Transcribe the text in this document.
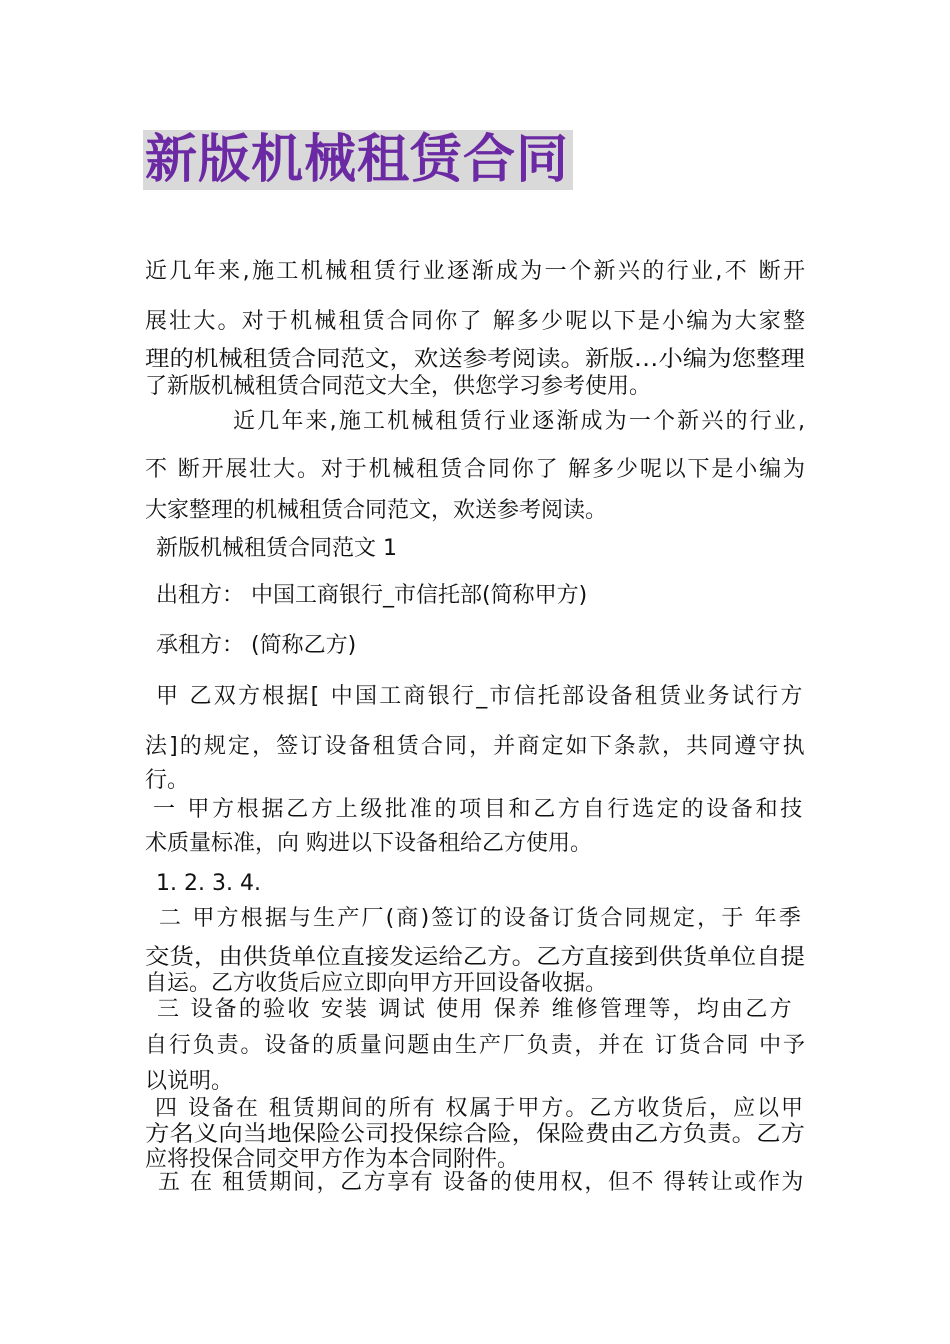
新版机械租赁合同
近几年来,施工机械租赁行业逐渐成为一个新兴的行业,不 断开
展壮大。对于机械租赁合同你了 解多少呢以下是小编为大家整
理的机械租赁合同范文，欢送参考阅读。新版…小编为您整理
了新版机械租赁合同范文大全，供您学习参考使用。
近几年来,施工机械租赁行业逐渐成为一个新兴的行业,
不 断开展壮大。对于机械租赁合同你了 解多少呢以下是小编为
大家整理的机械租赁合同范文，欢送参考阅读。
新版机械租赁合同范文 1
出租方： 中国工商银行_市信托部(简称甲方)
承租方： (简称乙方)
甲 乙双方根据[ 中国工商银行_市信托部设备租赁业务试行方
法]的规定，签订设备租赁合同，并商定如下条款，共同遵守执
行。
一 甲方根据乙方上级批准的项目和乙方自行选定的设备和技
术质量标准，向 购进以下设备租给乙方使用。
1. 2. 3. 4.
二 甲方根据与生产厂(商)签订的设备订货合同规定，于 年季
交货，由供货单位直接发运给乙方。乙方直接到供货单位自提
自运。乙方收货后应立即向甲方开回设备收据。
三 设备的验收 安装 调试 使用 保养 维修管理等，均由乙方
自行负责。设备的质量问题由生产厂负责，并在 订货合同 中予
以说明。
四 设备在 租赁期间的所有 权属于甲方。乙方收货后，应以甲
方名义向当地保险公司投保综合险，保险费由乙方负责。乙方
应将投保合同交甲方作为本合同附件。
五 在 租赁期间，乙方享有 设备的使用权，但不 得转让或作为
